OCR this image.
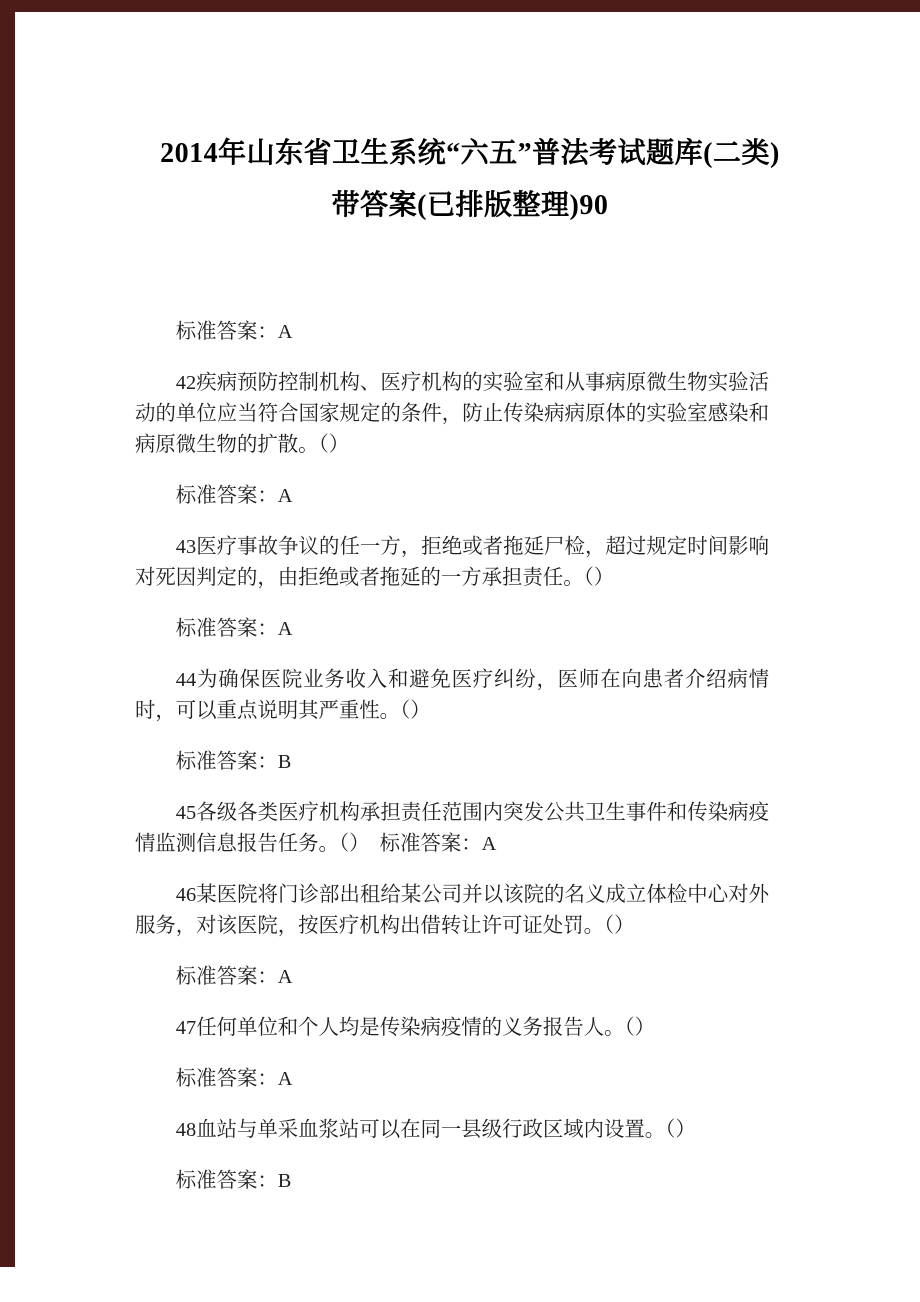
2014年山东省卫生系统“六五”普法考试题库(二类)
带答案(已排版整理)90

标准答案：A

42疾病预防控制机构、医疗机构的实验室和从事病原微生物实验活动的单位应当符合国家规定的条件，防止传染病病原体的实验室感染和病原微生物的扩散。（）

标准答案：A

43医疗事故争议的任一方，拒绝或者拖延尸检，超过规定时间影响对死因判定的，由拒绝或者拖延的一方承担责任。（）

标准答案：A

44为确保医院业务收入和避免医疗纠纷，医师在向患者介绍病情时，可以重点说明其严重性。（）

标准答案：B

45各级各类医疗机构承担责任范围内突发公共卫生事件和传染病疫情监测信息报告任务。（）　标准答案：A

46某医院将门诊部出租给某公司并以该院的名义成立体检中心对外服务，对该医院，按医疗机构出借转让许可证处罚。（）

标准答案：A

47任何单位和个人均是传染病疫情的义务报告人。（）

标准答案：A

48血站与单采血浆站可以在同一县级行政区域内设置。（）

标准答案：B
